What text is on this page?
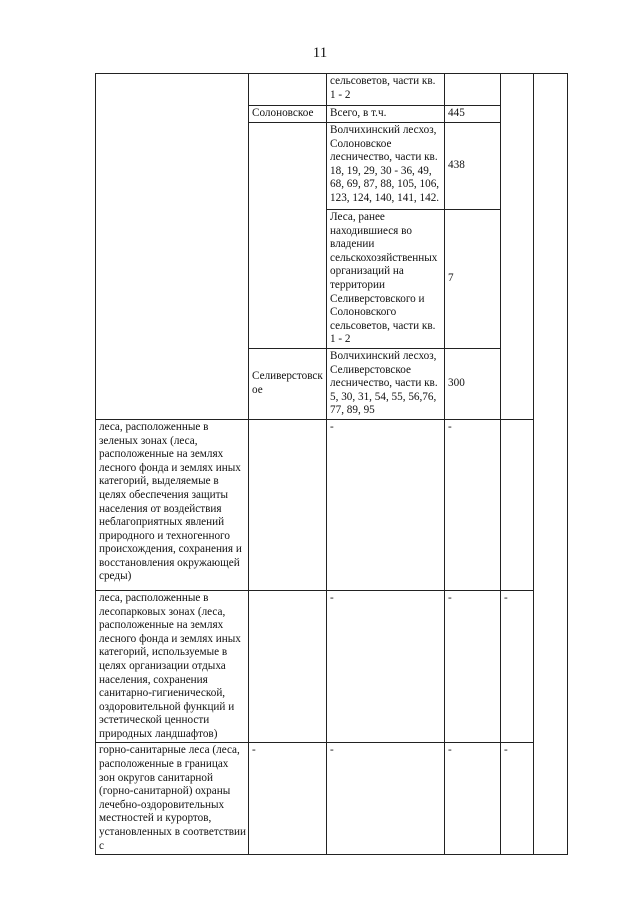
11
		сельсоветов, части кв. 1 - 2			
	Солоновское	Всего, в т.ч.	445		
		Волчихинский лесхоз, Солоновское лесничество, части кв. 18, 19, 29, 30 - 36, 49, 68, 69, 87, 88, 105, 106, 123, 124, 140, 141, 142.	438		
		Леса, ранее находившиеся во владении сельскохозяйственных организаций на территории Селиверстовского и Солоновского сельсоветов, части кв. 1 - 2	7		
	Селиверстовское	Волчихинский лесхоз, Селиверстовское лесничество, части кв. 5, 30, 31, 54, 55, 56,76, 77, 89, 95	300		
леса, расположенные в зеленых зонах (леса, расположенные на землях лесного фонда и землях иных категорий, выделяемые в целях обеспечения защиты населения от воздействия неблагоприятных явлений природного и техногенного происхождения, сохранения и восстановления окружающей среды)		-	-		
леса, расположенные в лесопарковых зонах (леса, расположенные на землях лесного фонда и землях иных категорий, используемые в целях организации отдыха населения, сохранения санитарно-гигиенической, оздоровительной функций и эстетической ценности природных ландшафтов)		-	-	-	
горно-санитарные леса (леса, расположенные в границах зон округов санитарной (горно-санитарной) охраны лечебно-оздоровительных местностей и курортов, установленных в соответствии с	-	-	-	-	
